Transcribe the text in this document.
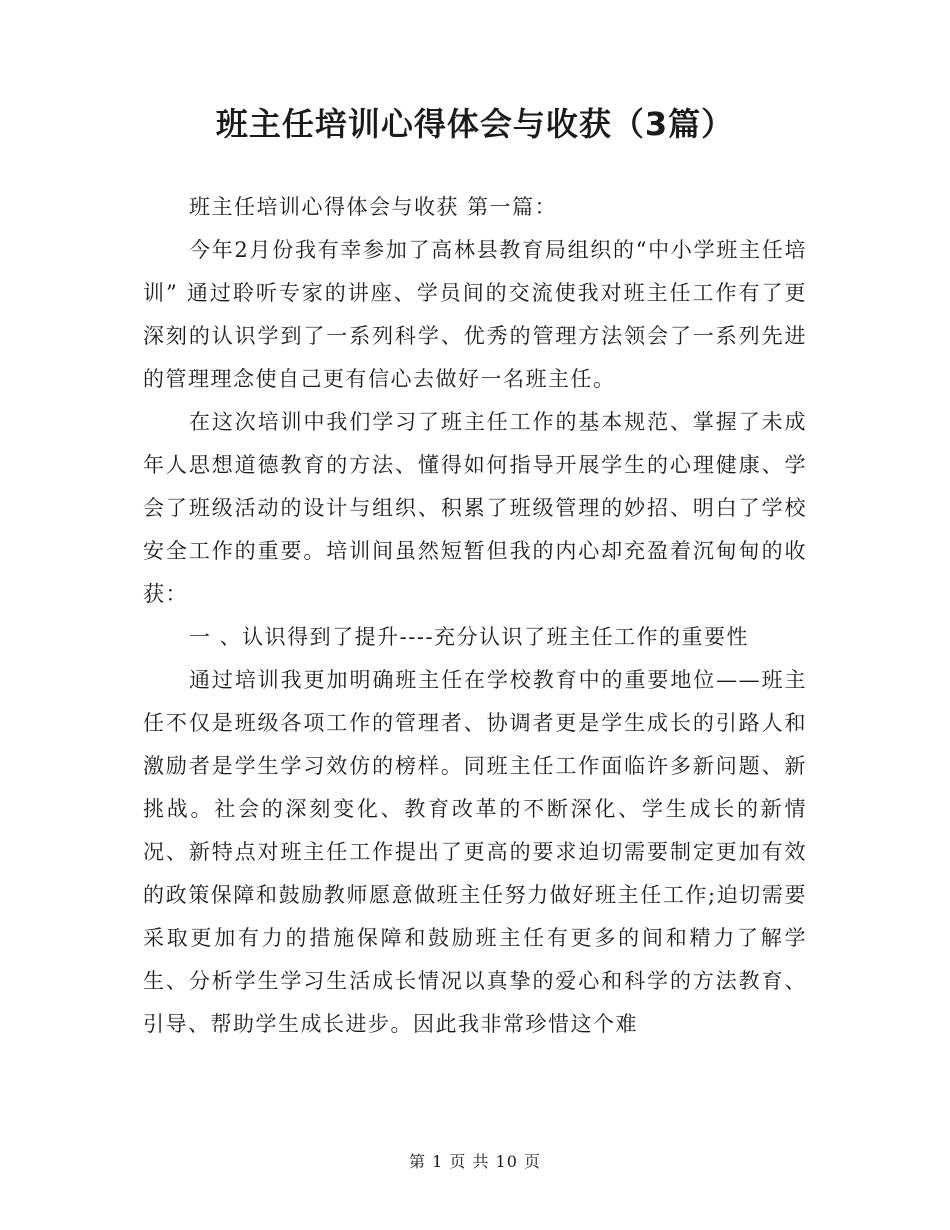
班主任培训心得体会与收获（3篇）

班主任培训心得体会与收获 第一篇：

今年2月份我有幸参加了高林县教育局组织的“中小学班主任培训” 通过聆听专家的讲座、学员间的交流使我对班主任工作有了更深刻的认识学到了一系列科学、优秀的管理方法领会了一系列先进的管理理念使自己更有信心去做好一名班主任。

在这次培训中我们学习了班主任工作的基本规范、掌握了未成年人思想道德教育的方法、懂得如何指导开展学生的心理健康、学会了班级活动的设计与组织、积累了班级管理的妙招、明白了学校安全工作的重要。培训间虽然短暂但我的内心却充盈着沉甸甸的收获：

一 、认识得到了提升----充分认识了班主任工作的重要性

通过培训我更加明确班主任在学校教育中的重要地位——班主任不仅是班级各项工作的管理者、协调者更是学生成长的引路人和激励者是学生学习效仿的榜样。同班主任工作面临许多新问题、新挑战。社会的深刻变化、教育改革的不断深化、学生成长的新情况、新特点对班主任工作提出了更高的要求迫切需要制定更加有效的政策保障和鼓励教师愿意做班主任努力做好班主任工作;迫切需要采取更加有力的措施保障和鼓励班主任有更多的间和精力了解学生、分析学生学习生活成长情况以真挚的爱心和科学的方法教育、引导、帮助学生成长进步。因此我非常珍惜这个难

第 1 页 共 10 页
